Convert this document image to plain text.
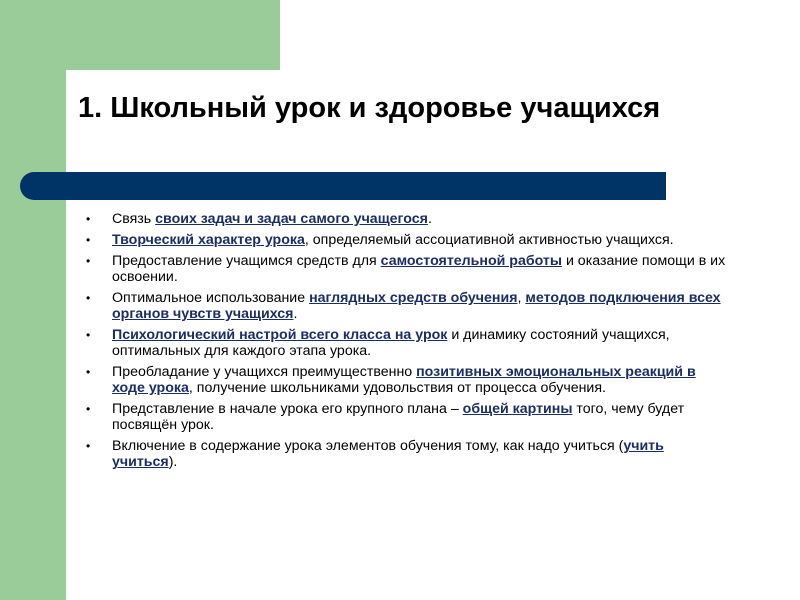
1. Школьный урок и здоровье учащихся
• Связь своих задач и задач самого учащегося.
• Творческий характер урока, определяемый ассоциативной активностью учащихся.
• Предоставление учащимся средств для самостоятельной работы и оказание помощи в их освоении.
• Оптимальное использование наглядных средств обучения, методов подключения всех органов чувств учащихся.
• Психологический настрой всего класса на урок и динамику состояний учащихся, оптимальных для каждого этапа урока.
• Преобладание у учащихся преимущественно позитивных эмоциональных реакций в ходе урока, получение школьниками удовольствия от процесса обучения.
• Представление в начале урока его крупного плана – общей картины того, чему будет посвящён урок.
• Включение в содержание урока элементов обучения тому, как надо учиться (учить учиться).
